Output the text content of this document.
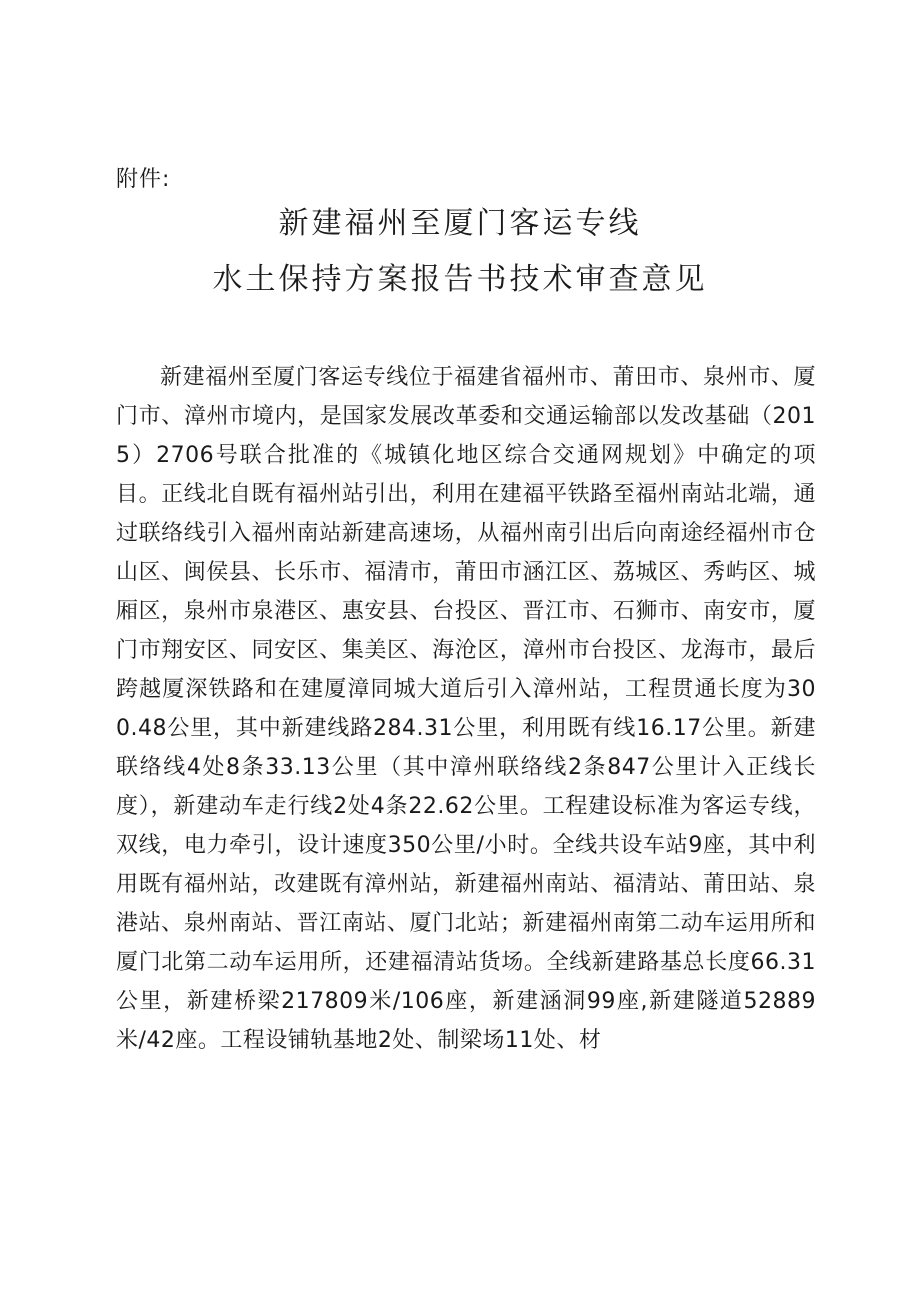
附件:
新建福州至厦门客运专线
水土保持方案报告书技术审查意见

新建福州至厦门客运专线位于福建省福州市、莆田市、泉州市、厦门市、漳州市境内，是国家发展改革委和交通运输部以发改基础（2015）2706号联合批准的《城镇化地区综合交通网规划》中确定的项目。正线北自既有福州站引出，利用在建福平铁路至福州南站北端，通过联络线引入福州南站新建高速场，从福州南引出后向南途经福州市仓山区、闽侯县、长乐市、福清市，莆田市涵江区、荔城区、秀屿区、城厢区，泉州市泉港区、惠安县、台投区、晋江市、石狮市、南安市，厦门市翔安区、同安区、集美区、海沧区，漳州市台投区、龙海市，最后跨越厦深铁路和在建厦漳同城大道后引入漳州站，工程贯通长度为300.48公里，其中新建线路284.31公里，利用既有线16.17公里。新建联络线4处8条33.13公里（其中漳州联络线2条847公里计入正线长度），新建动车走行线2处4条22.62公里。工程建设标准为客运专线，双线，电力牵引，设计速度350公里/小时。全线共设车站9座，其中利用既有福州站，改建既有漳州站，新建福州南站、福清站、莆田站、泉港站、泉州南站、晋江南站、厦门北站；新建福州南第二动车运用所和厦门北第二动车运用所，还建福清站货场。全线新建路基总长度66.31公里，新建桥梁217809米/106座，新建涵洞99座,新建隧道52889米/42座。工程设铺轨基地2处、制梁场11处、材
